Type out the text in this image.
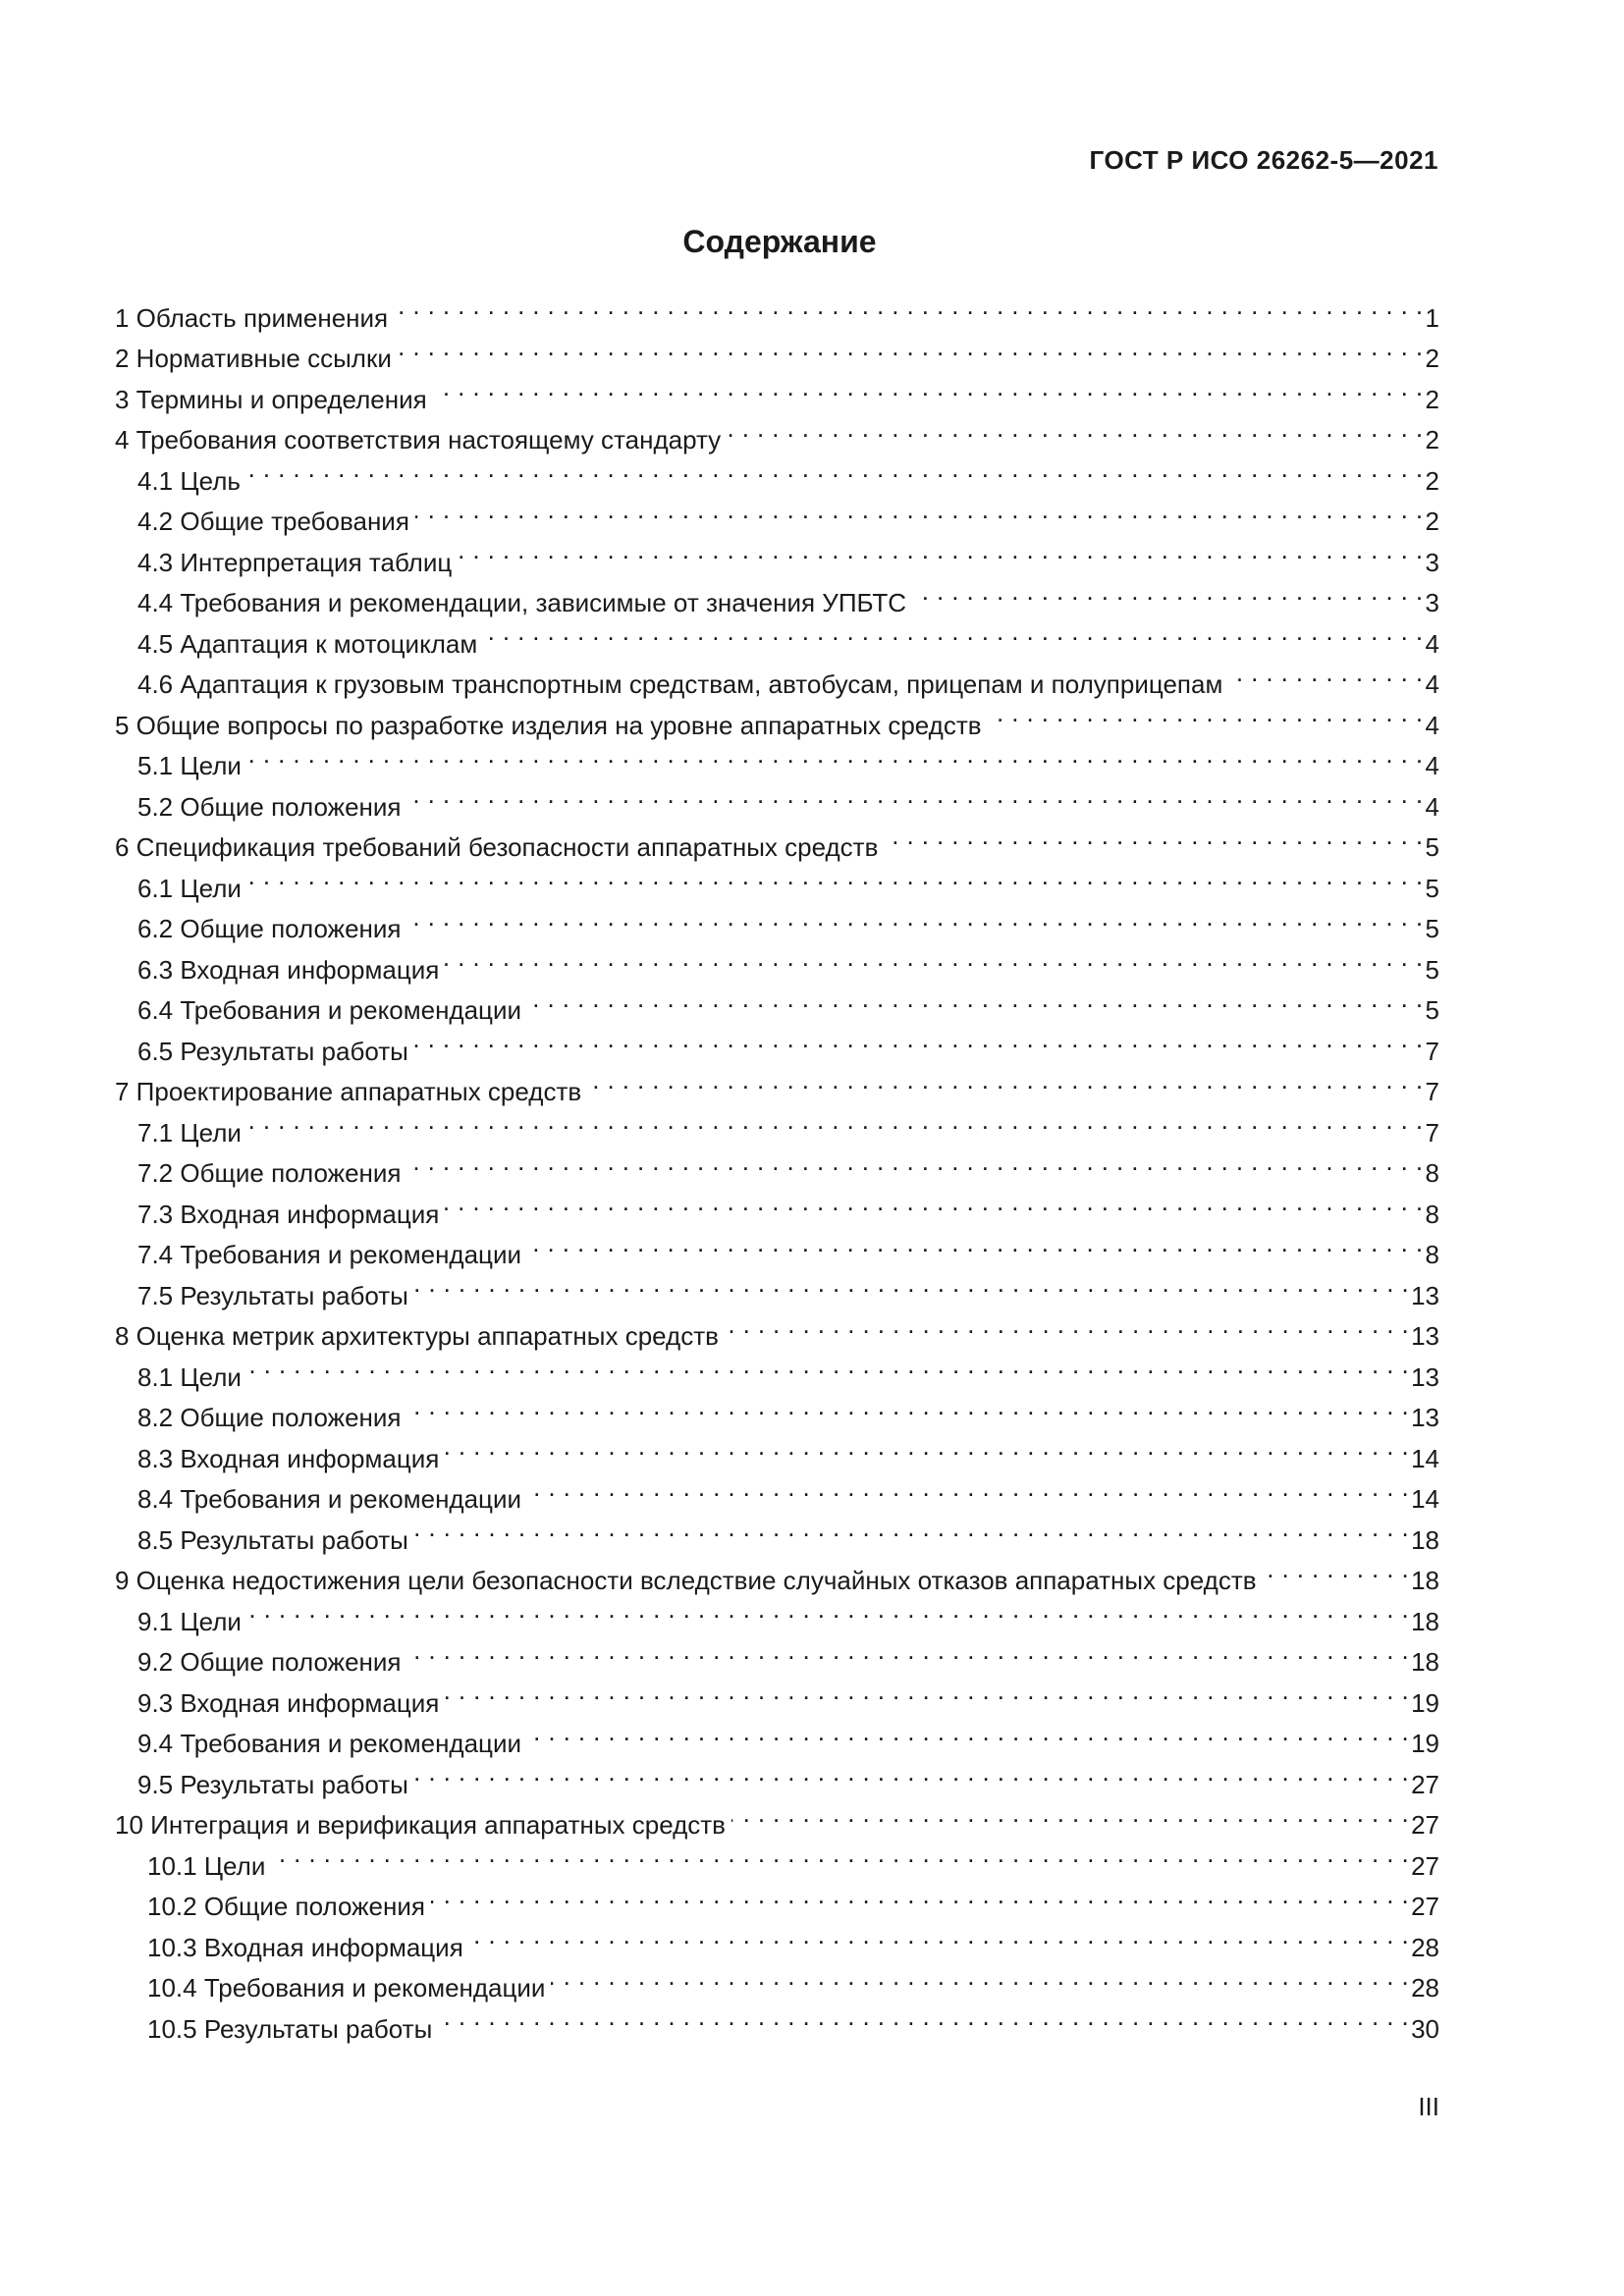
ГОСТ Р ИСО 26262-5—2021
Содержание
1 Область применения . . .	1
2 Нормативные ссылки . . .	2
3 Термины и определения . . .	2
4 Требования соответствия настоящему стандарту . . .	2
4.1 Цель . . .	2
4.2 Общие требования . . .	2
4.3 Интерпретация таблиц . . .	3
4.4 Требования и рекомендации, зависимые от значения УПБТС . . .	3
4.5 Адаптация к мотоциклам . . .	4
4.6 Адаптация к грузовым транспортным средствам, автобусам, прицепам и полуприцепам . . .	4
5 Общие вопросы по разработке изделия на уровне аппаратных средств . . .	4
5.1 Цели . . .	4
5.2 Общие положения . . .	4
6 Спецификация требований безопасности аппаратных средств . . .	5
6.1 Цели . . .	5
6.2 Общие положения . . .	5
6.3 Входная информация . . .	5
6.4 Требования и рекомендации . . .	5
6.5 Результаты работы . . .	7
7 Проектирование аппаратных средств . . .	7
7.1 Цели . . .	7
7.2 Общие положения . . .	8
7.3 Входная информация . . .	8
7.4 Требования и рекомендации . . .	8
7.5 Результаты работы . . .	13
8 Оценка метрик архитектуры аппаратных средств . . .	13
8.1 Цели . . .	13
8.2 Общие положения . . .	13
8.3 Входная информация . . .	14
8.4 Требования и рекомендации . . .	14
8.5 Результаты работы . . .	18
9 Оценка недостижения цели безопасности вследствие случайных отказов аппаратных средств . . .	18
9.1 Цели . . .	18
9.2 Общие положения . . .	18
9.3 Входная информация . . .	19
9.4 Требования и рекомендации . . .	19
9.5 Результаты работы . . .	27
10 Интеграция и верификация аппаратных средств . . .	27
10.1 Цели . . .	27
10.2 Общие положения . . .	27
10.3 Входная информация . . .	28
10.4 Требования и рекомендации . . .	28
10.5 Результаты работы . . .	30
III
